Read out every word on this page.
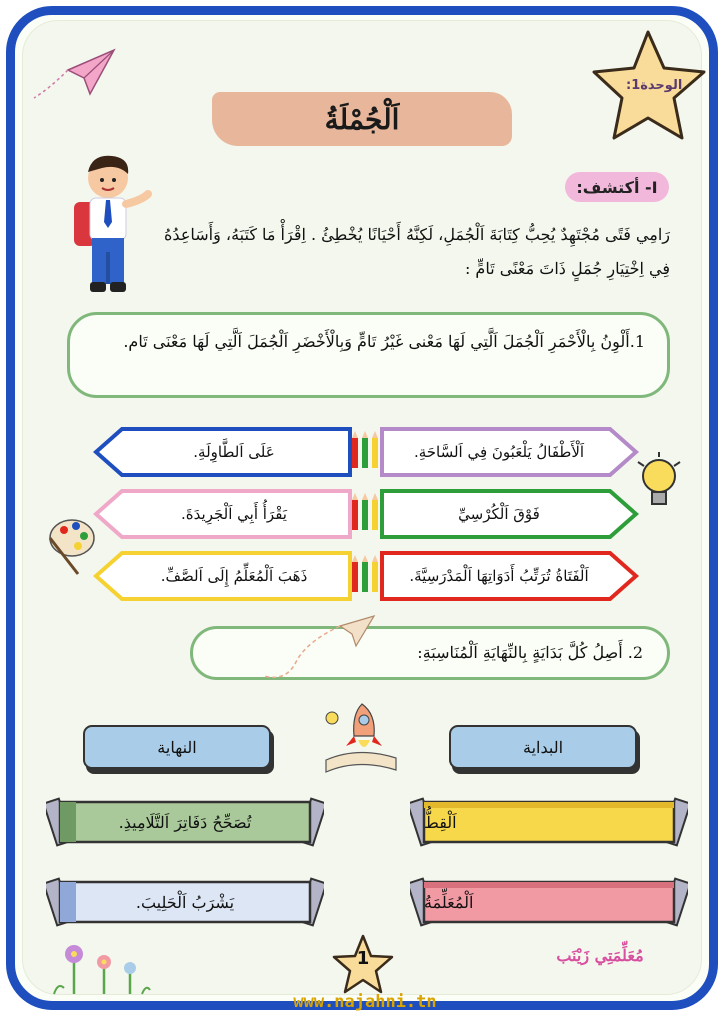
الوحدة1:
اَلْجُمْلَةُ
I- أكتشف:
رَامِي فَتًى مُجْتَهِدٌ يُحِبُّ كِتَابَةَ اَلْجُمَلِ، لَكِنَّهُ أَحْيَانًا يُخْطِئُ . اِقْرَأْ مَا كَتَبَهُ، وَأَسَاعِدُهُ فِي اِخْتِيَارِ جُمَلٍ ذَاتَ مَعْنًى تَامٍّ :
1.أَلْوِنُ بِالْأَحْمَرِ اَلْجُمَلَ اَلَّتِي لَهَا مَعْنى غَيْرُ تَامٍّ وَبِالْأَخْضَرِ اَلْجُمَلَ اَلَّتِي لَهَا مَعْنَى تَام.
اَلْأَطْفَالُ يَلْعَبُونَ فِي اَلسَّاحَةِ.
عَلَى اَلطَّاوِلَةِ.
فَوْقَ اَلْكُرْسِيِّ
يَقْرَأُ أَبِي اَلْجَرِيدَةَ.
اَلْفَتَاةُ تُرَتِّبُ أَدَوَاتِهَا اَلْمَدْرَسِيَّةَ.
ذَهَبَ اَلْمُعَلِّمُ إِلَى اَلصَّفِّ.
2. أَصِلُ كُلَّ بَدَايَةٍ بِالنِّهَايَةِ اَلْمُنَاسِبَةِ:
البداية
النهاية
اَلْقِطُّ
اَلْمُعَلِّمَةُ
تُصَحِّحُ دَفَاتِرَ اَلتَّلَامِيذِ.
يَشْرَبُ اَلْحَلِيبَ.
1	مُعَلِّمَتِي زَيْنَب
www.najahni.tn
